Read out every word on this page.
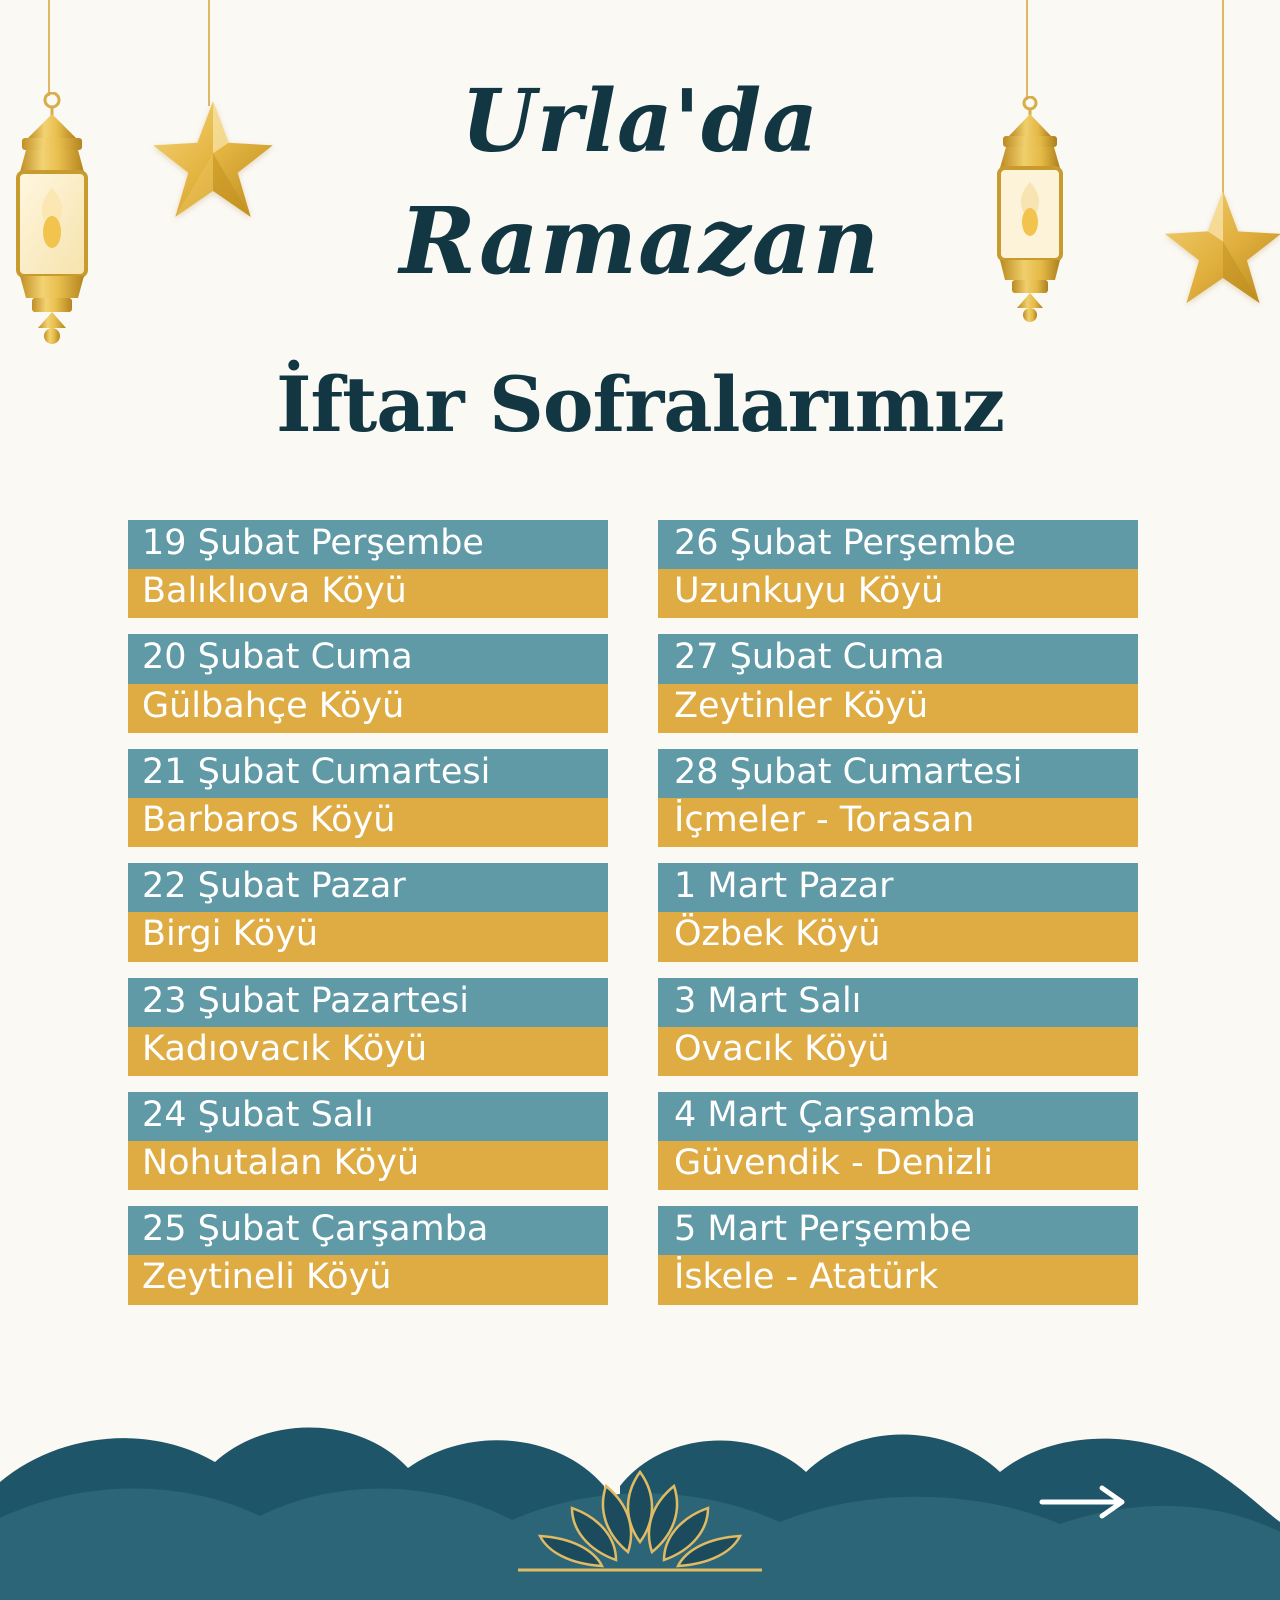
Urla'da
Ramazan
İftar Sofralarımız
19 Şubat Perşembe
Balıklıova Köyü
20 Şubat Cuma
Gülbahçe Köyü
21 Şubat Cumartesi
Barbaros Köyü
22 Şubat Pazar
Birgi Köyü
23 Şubat Pazartesi
Kadıovacık Köyü
24 Şubat Salı
Nohutalan Köyü
25 Şubat Çarşamba
Zeytineli Köyü
26 Şubat Perşembe
Uzunkuyu Köyü
27 Şubat Cuma
Zeytinler Köyü
28 Şubat Cumartesi
İçmeler - Torasan
1 Mart Pazar
Özbek Köyü
3 Mart Salı
Ovacık Köyü
4 Mart Çarşamba
Güvendik - Denizli
5 Mart Perşembe
İskele - Atatürk
